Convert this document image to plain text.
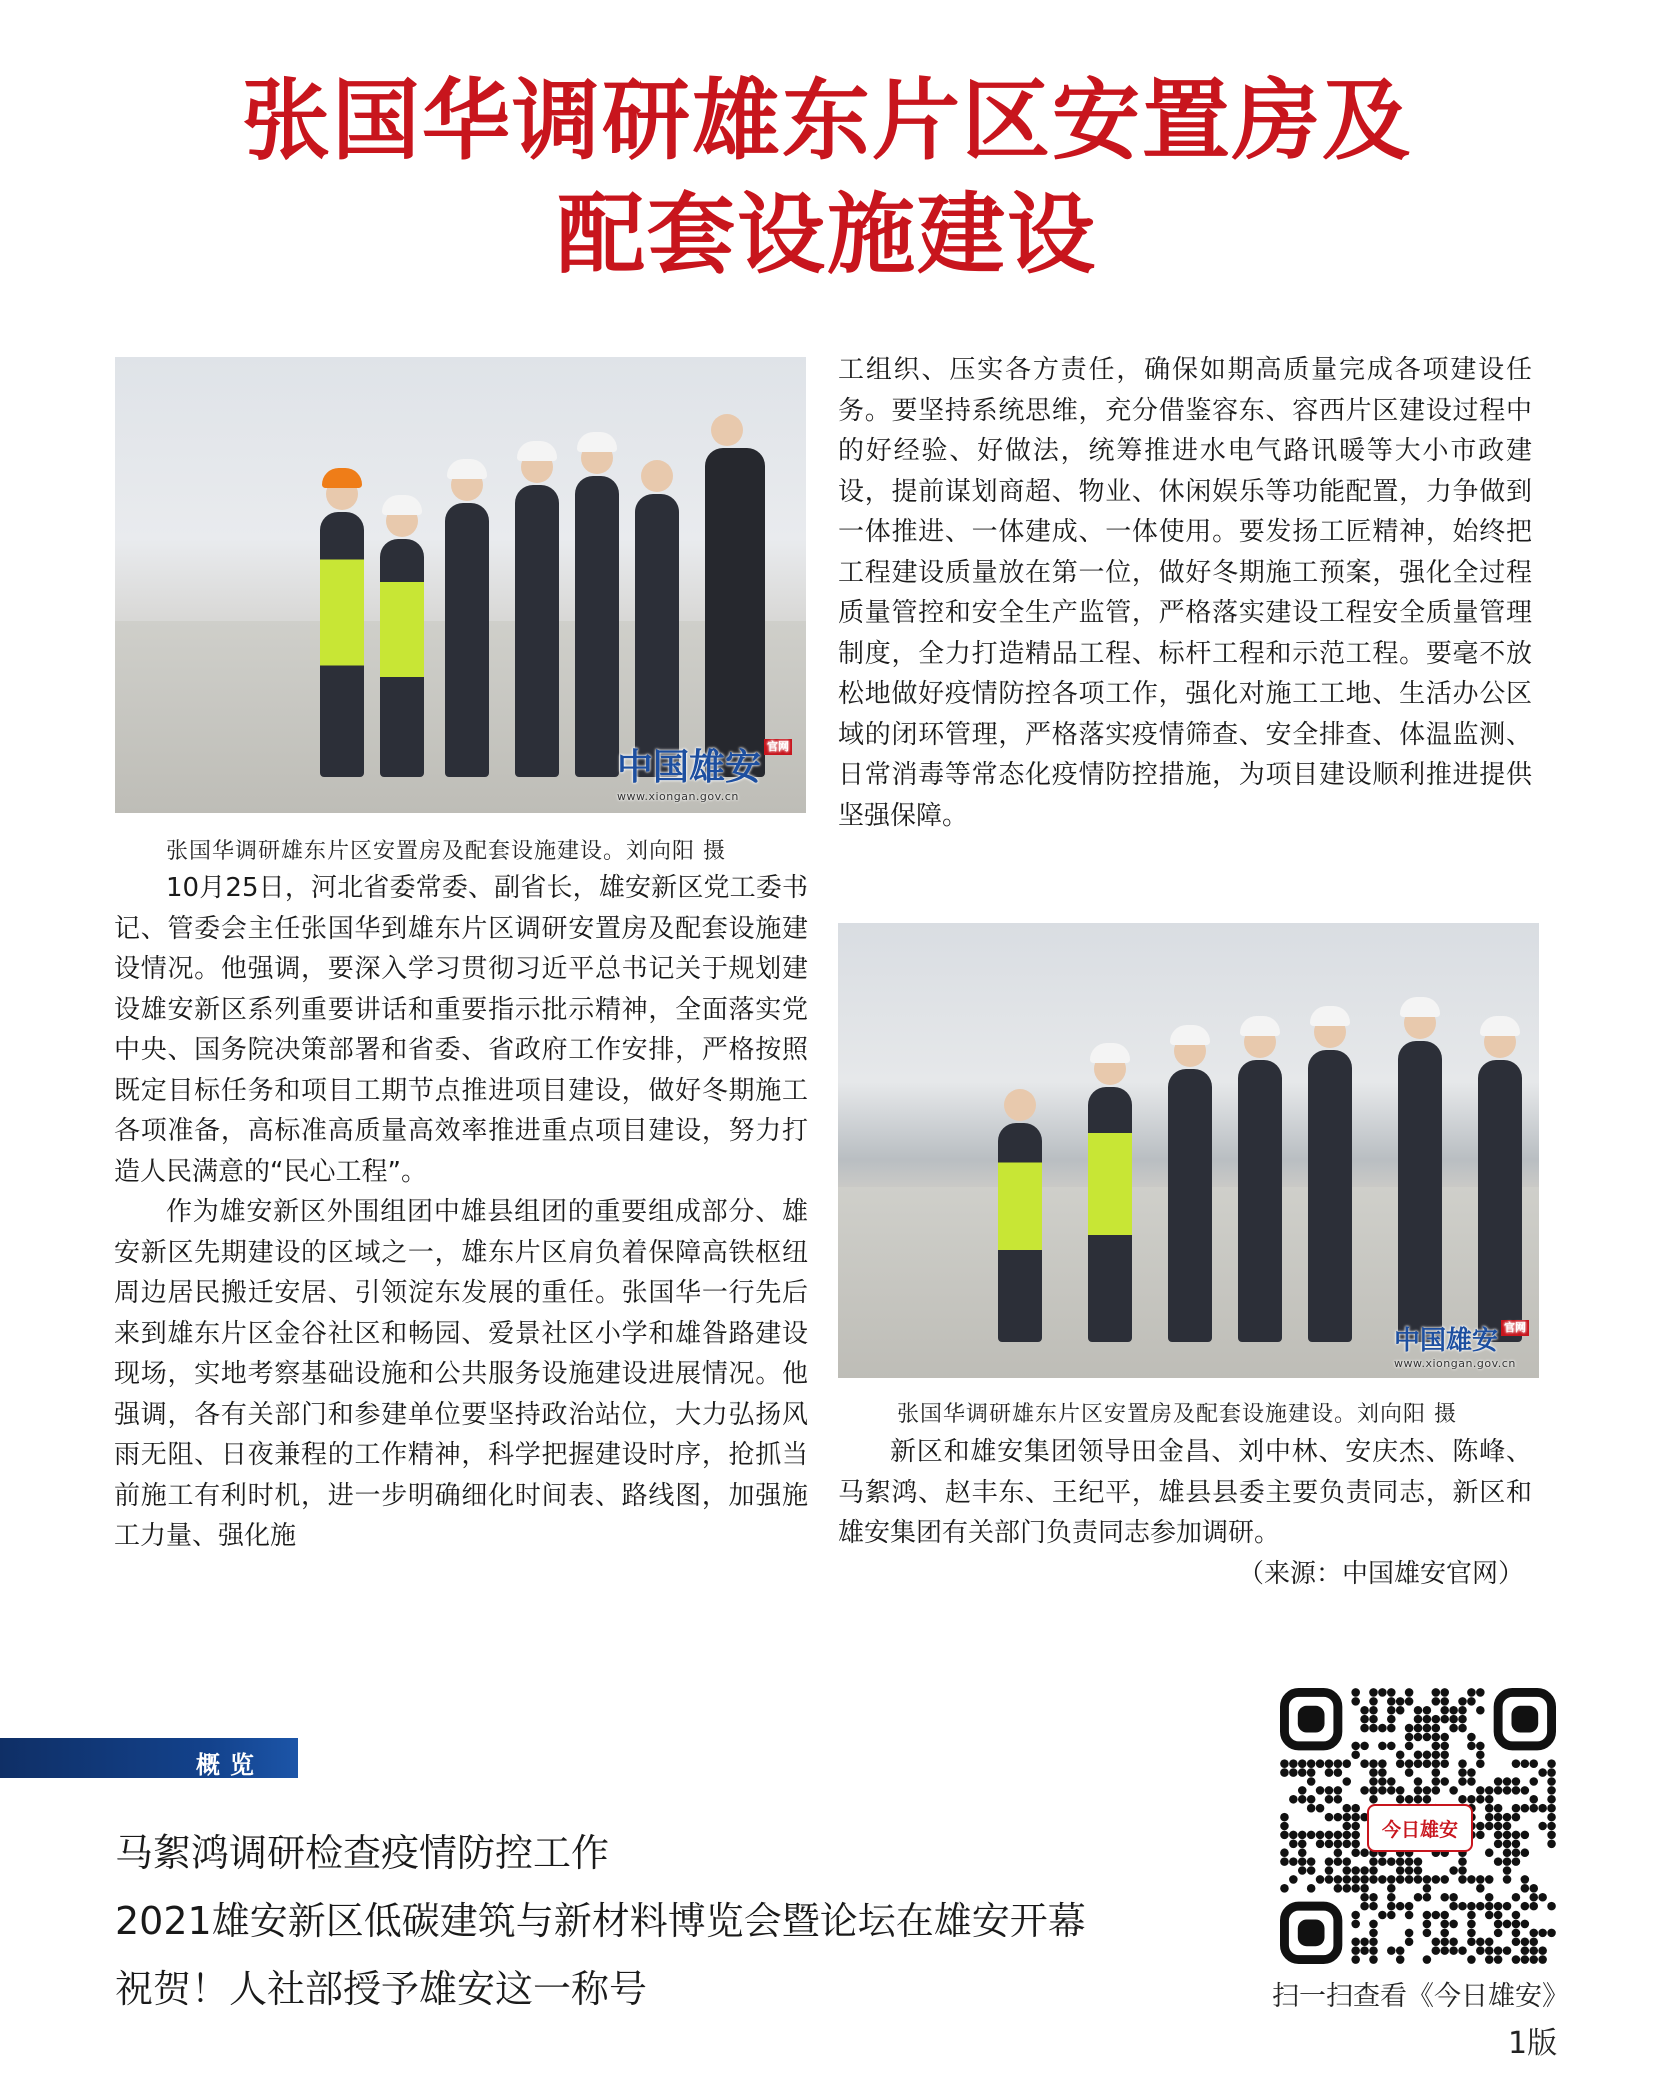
张国华调研雄东片区安置房及
配套设施建设
中国雄安 官网
www.xiongan.gov.cn
张国华调研雄东片区安置房及配套设施建设。刘向阳 摄

10月25日，河北省委常委、副省长，雄安新区党工委书记、管委会主任张国华到雄东片区调研安置房及配套设施建设情况。他强调，要深入学习贯彻习近平总书记关于规划建设雄安新区系列重要讲话和重要指示批示精神，全面落实党中央、国务院决策部署和省委、省政府工作安排，严格按照既定目标任务和项目工期节点推进项目建设，做好冬期施工各项准备，高标准高质量高效率推进重点项目建设，努力打造人民满意的“民心工程”。

作为雄安新区外围组团中雄县组团的重要组成部分、雄安新区先期建设的区域之一，雄东片区肩负着保障高铁枢纽周边居民搬迁安居、引领淀东发展的重任。张国华一行先后来到雄东片区金谷社区和畅园、爱景社区小学和雄昝路建设现场，实地考察基础设施和公共服务设施建设进展情况。他强调，各有关部门和参建单位要坚持政治站位，大力弘扬风雨无阻、日夜兼程的工作精神，科学把握建设时序，抢抓当前施工有利时机，进一步明确细化时间表、路线图，加强施工力量、强化施

工组织、压实各方责任，确保如期高质量完成各项建设任务。要坚持系统思维，充分借鉴容东、容西片区建设过程中的好经验、好做法，统筹推进水电气路讯暖等大小市政建设，提前谋划商超、物业、休闲娱乐等功能配置，力争做到一体推进、一体建成、一体使用。要发扬工匠精神，始终把工程建设质量放在第一位，做好冬期施工预案，强化全过程质量管控和安全生产监管，严格落实建设工程安全质量管理制度，全力打造精品工程、标杆工程和示范工程。要毫不放松地做好疫情防控各项工作，强化对施工工地、生活办公区域的闭环管理，严格落实疫情筛查、安全排查、体温监测、日常消毒等常态化疫情防控措施，为项目建设顺利推进提供坚强保障。

中国雄安 官网
www.xiongan.gov.cn
张国华调研雄东片区安置房及配套设施建设。刘向阳 摄

新区和雄安集团领导田金昌、刘中林、安庆杰、陈峰、马絮鸿、赵丰东、王纪平，雄县县委主要负责同志，新区和雄安集团有关部门负责同志参加调研。

（来源：中国雄安官网）

概览
马絮鸿调研检查疫情防控工作
2021雄安新区低碳建筑与新材料博览会暨论坛在雄安开幕
祝贺！人社部授予雄安这一称号
今日雄安
扫一扫查看《今日雄安》
1版
